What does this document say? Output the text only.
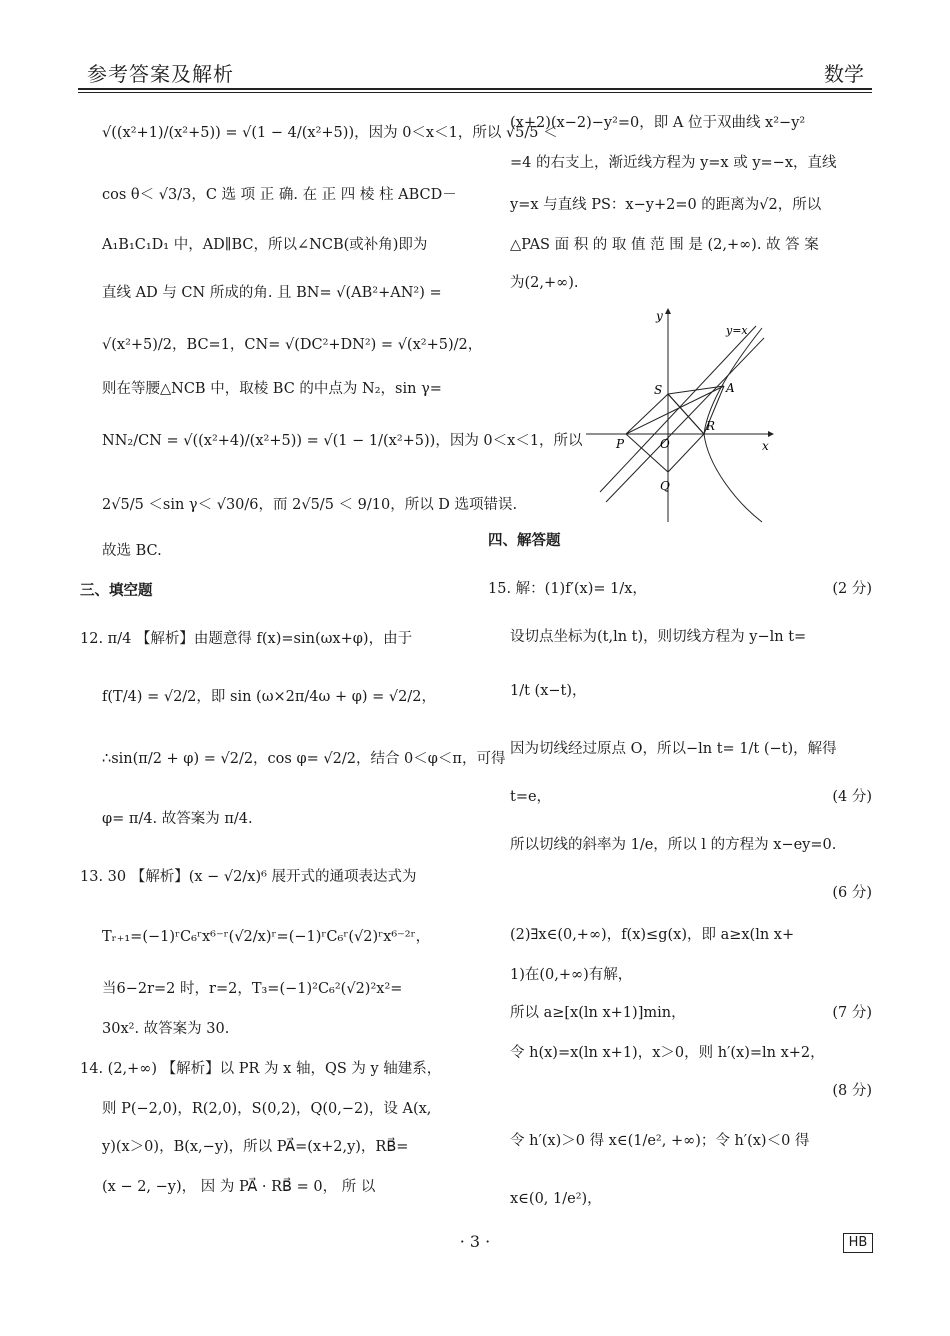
参考答案及解析	数学
√((x²+1)/(x²+5)) = √(1 − 4/(x²+5))，因为 0＜x＜1，所以 √5/5 ＜
cos θ＜ √3/3，C 选 项 正 确. 在 正 四 棱 柱 ABCD－
A₁B₁C₁D₁ 中，AD∥BC，所以∠NCB(或补角)即为
直线 AD 与 CN 所成的角. 且 BN= √(AB²+AN²) =
√(x²+5)/2，BC=1，CN= √(DC²+DN²) = √(x²+5)/2，
则在等腰△NCB 中，取棱 BC 的中点为 N₂，sin γ=
NN₂/CN = √((x²+4)/(x²+5)) = √(1 − 1/(x²+5))，因为 0＜x＜1，所以
2√5/5 ＜sin γ＜ √30/6，而 2√5/5 ＜ 9/10，所以 D 选项错误.
故选 BC.
三、填空题
12. π/4 【解析】由题意得 f(x)=sin(ωx+φ)，由于
f(T/4) = √2/2，即 sin (ω×2π/4ω + φ) = √2/2，
∴sin(π/2 + φ) = √2/2，cos φ= √2/2，结合 0＜φ＜π，可得
φ= π/4. 故答案为 π/4.
13. 30 【解析】(x − √2/x)⁶ 展开式的通项表达式为
Tᵣ₊₁=(−1)ʳC₆ʳx⁶⁻ʳ(√2/x)ʳ=(−1)ʳC₆ʳ(√2)ʳx⁶⁻²ʳ，
当6−2r=2 时，r=2，T₃=(−1)²C₆²(√2)²x²=
30x². 故答案为 30.
14. (2,+∞) 【解析】以 PR 为 x 轴，QS 为 y 轴建系，
则 P(−2,0)，R(2,0)，S(0,2)，Q(0,−2)，设 A(x,
y)(x＞0)，B(x,−y)，所以 PA⃗=(x+2,y)，RB⃗=
(x − 2, −y)， 因 为 PA⃗ · RB⃗ = 0， 所 以
(x+2)(x−2)−y²=0，即 A 位于双曲线 x²−y²
=4 的右支上，渐近线方程为 y=x 或 y=−x，直线
y=x 与直线 PS：x−y+2=0 的距离为√2，所以
△PAS 面 积 的 取 值 范 围 是 (2,+∞). 故 答 案
为(2,+∞).
y
x
y=x
S	A
P	O
R
Q
四、解答题
15. 解：(1)f′(x)= 1/x，	(2 分)
设切点坐标为(t,ln t)，则切线方程为 y−ln t=
1/t (x−t)，
因为切线经过原点 O，所以−ln t= 1/t (−t)，解得
t=e，	(4 分)
所以切线的斜率为 1/e，所以 l 的方程为 x−ey=0.
(6 分)
(2)∃x∈(0,+∞)，f(x)≤g(x)，即 a≥x(ln x+
1)在(0,+∞)有解，
所以 a≥[x(ln x+1)]min，	(7 分)
令 h(x)=x(ln x+1)，x＞0，则 h′(x)=ln x+2，
(8 分)
令 h′(x)＞0 得 x∈(1/e², +∞)；令 h′(x)＜0 得
x∈(0, 1/e²)，
· 3 ·	HB
